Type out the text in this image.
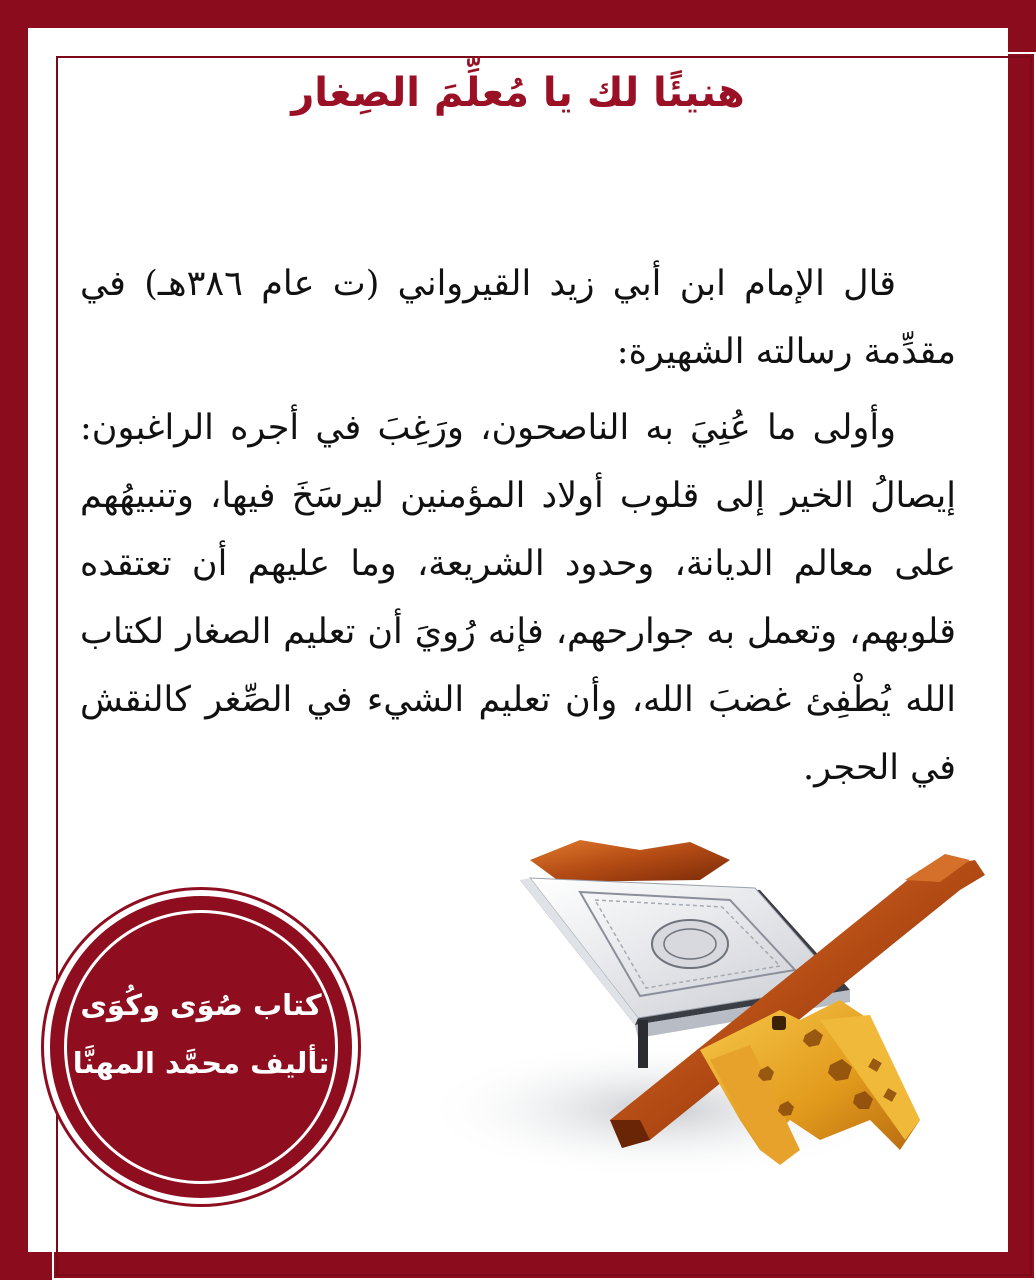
هنيئًا لك يا مُعلِّمَ الصِغار

قال الإمام ابن أبي زيد القيرواني (ت عام ٣٨٦هـ) في مقدِّمة رسالته الشهيرة:

وأولى ما عُنِيَ به الناصحون، ورَغِبَ في أجره الراغبون: إيصالُ الخير إلى قلوب أولاد المؤمنين ليرسَخَ فيها، وتنبيهُهم على معالم الديانة، وحدود الشريعة، وما عليهم أن تعتقده قلوبهم، وتعمل به جوارحهم، فإنه رُويَ أن تعليم الصغار لكتاب الله يُطْفِئ غضبَ الله، وأن تعليم الشيء في الصِّغر كالنقش في الحجر.

كتاب صُوَى وكُوَى
تأليف محمَّد المهنَّا
